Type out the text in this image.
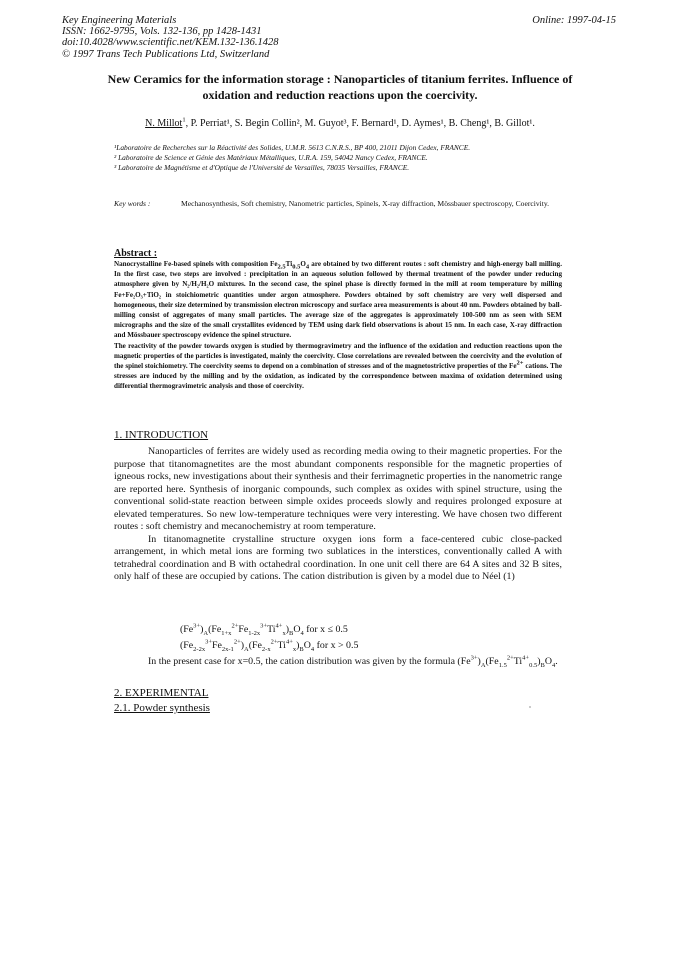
Key Engineering Materials
ISSN: 1662-9795, Vols. 132-136, pp 1428-1431
doi:10.4028/www.scientific.net/KEM.132-136.1428
© 1997 Trans Tech Publications Ltd, Switzerland
Online: 1997-04-15
New Ceramics for the information storage : Nanoparticles of titanium ferrites. Influence of oxidation and reduction reactions upon the coercivity.
N. Millot$^1$, P. Perriat¹, S. Begin Collin², M. Guyot³, F. Bernard¹, D. Aymes¹, B. Cheng¹, B. Gillot¹.
¹Laboratoire de Recherches sur la Réactivité des Solides, U.M.R. 5613 C.N.R.S., BP 400, 21011 Dijon Cedex, FRANCE.
² Laboratoire de Science et Génie des Matériaux Métalliques, U.R.A. 159, 54042 Nancy Cedex, FRANCE.
³ Laboratoire de Magnétisme et d'Optique de l'Université de Versailles, 78035 Versailles, FRANCE.
Key words :	Mechanosynthesis, Soft chemistry, Nanometric particles, Spinels, X-ray diffraction, Mössbauer spectroscopy, Coercivity.
Abstract :

Nanocrystalline Fe-based spinels with composition $Fe_{2.5}Ti_{0.5}O_4$ are obtained by two different routes : soft chemistry and high-energy ball milling. In the first case, two steps are involved : precipitation in an aqueous solution followed by thermal treatment of the powder under reducing atmosphere given by N₂/H₂/H₂O mixtures. In the second case, the spinel phase is directly formed in the mill at room temperature by milling Fe+Fe₂O₃+TiO₂ in stoichiometric quantities under argon atmosphere. Powders obtained by soft chemistry are very well dispersed and homogeneous, their size determined by transmission electron microscopy and surface area measurements is about 40 nm. Powders obtained by ball-milling consist of aggregates of many small particles. The average size of the aggregates is approximately 100-500 nm as seen with SEM micrographs and the size of the small crystallites evidenced by TEM using dark field observations is about 15 nm. In each case, X-ray diffraction and Mössbauer spectroscopy evidence the spinel structure.

The reactivity of the powder towards oxygen is studied by thermogravimetry and the influence of the oxidation and reduction reactions upon the magnetic properties of the particles is investigated, mainly the coercivity. Close correlations are revealed between the coercivity and the evolution of the spinel stoichiometry. The coercivity seems to depend on a combination of stresses and of the magnetostrictive properties of the $Fe^{2+}$ cations. The stresses are induced by the milling and by the oxidation, as indicated by the correspondence between maxima of oxidation determined using differential thermogravimetric analysis and those of coercivity.

1. INTRODUCTION

Nanoparticles of ferrites are widely used as recording media owing to their magnetic properties. For the purpose that titanomagnetites are the most abundant components responsible for the magnetic properties of igneous rocks, new investigations about their synthesis and their ferrimagnetic properties in the nanometric range are reported here. Synthesis of inorganic compounds, such complex as oxides with spinel structure, using the conventional solid-state reaction between simple oxides proceeds slowly and requires prolonged exposure at elevated temperatures. So new low-temperature techniques were very interesting. We have chosen two different routes : soft chemistry and mecanochemistry at room temperature.

In titanomagnetite crystalline structure oxygen ions form a face-centered cubic close-packed arrangement, in which metal ions are forming two sublatices in the interstices, conventionally called A with tetrahedral coordination and B with octahedral coordination. In one unit cell there are 64 A sites and 32 B sites, only half of these are occupied by cations. The cation distribution is given by a model due to Néel (1)

$(Fe^{3+})_A(Fe_{1+x}^{2+}Fe_{1-2x}^{3+}Ti^{4+}_x)_BO_4$ for x ≤ 0.5
$(Fe_{2-2x}^{3+}Fe_{2x-1}^{2+})_A(Fe_{2-x}^{2+}Ti^{4+}_x)_BO_4$ for x > 0.5

In the present case for x=0.5, the cation distribution was given by the formula $(Fe^{3+})_A(Fe_{1.5}^{2+}Ti^{4+}_{0.5})_BO_4$.

2. EXPERIMENTAL
2.1. Powder synthesis
